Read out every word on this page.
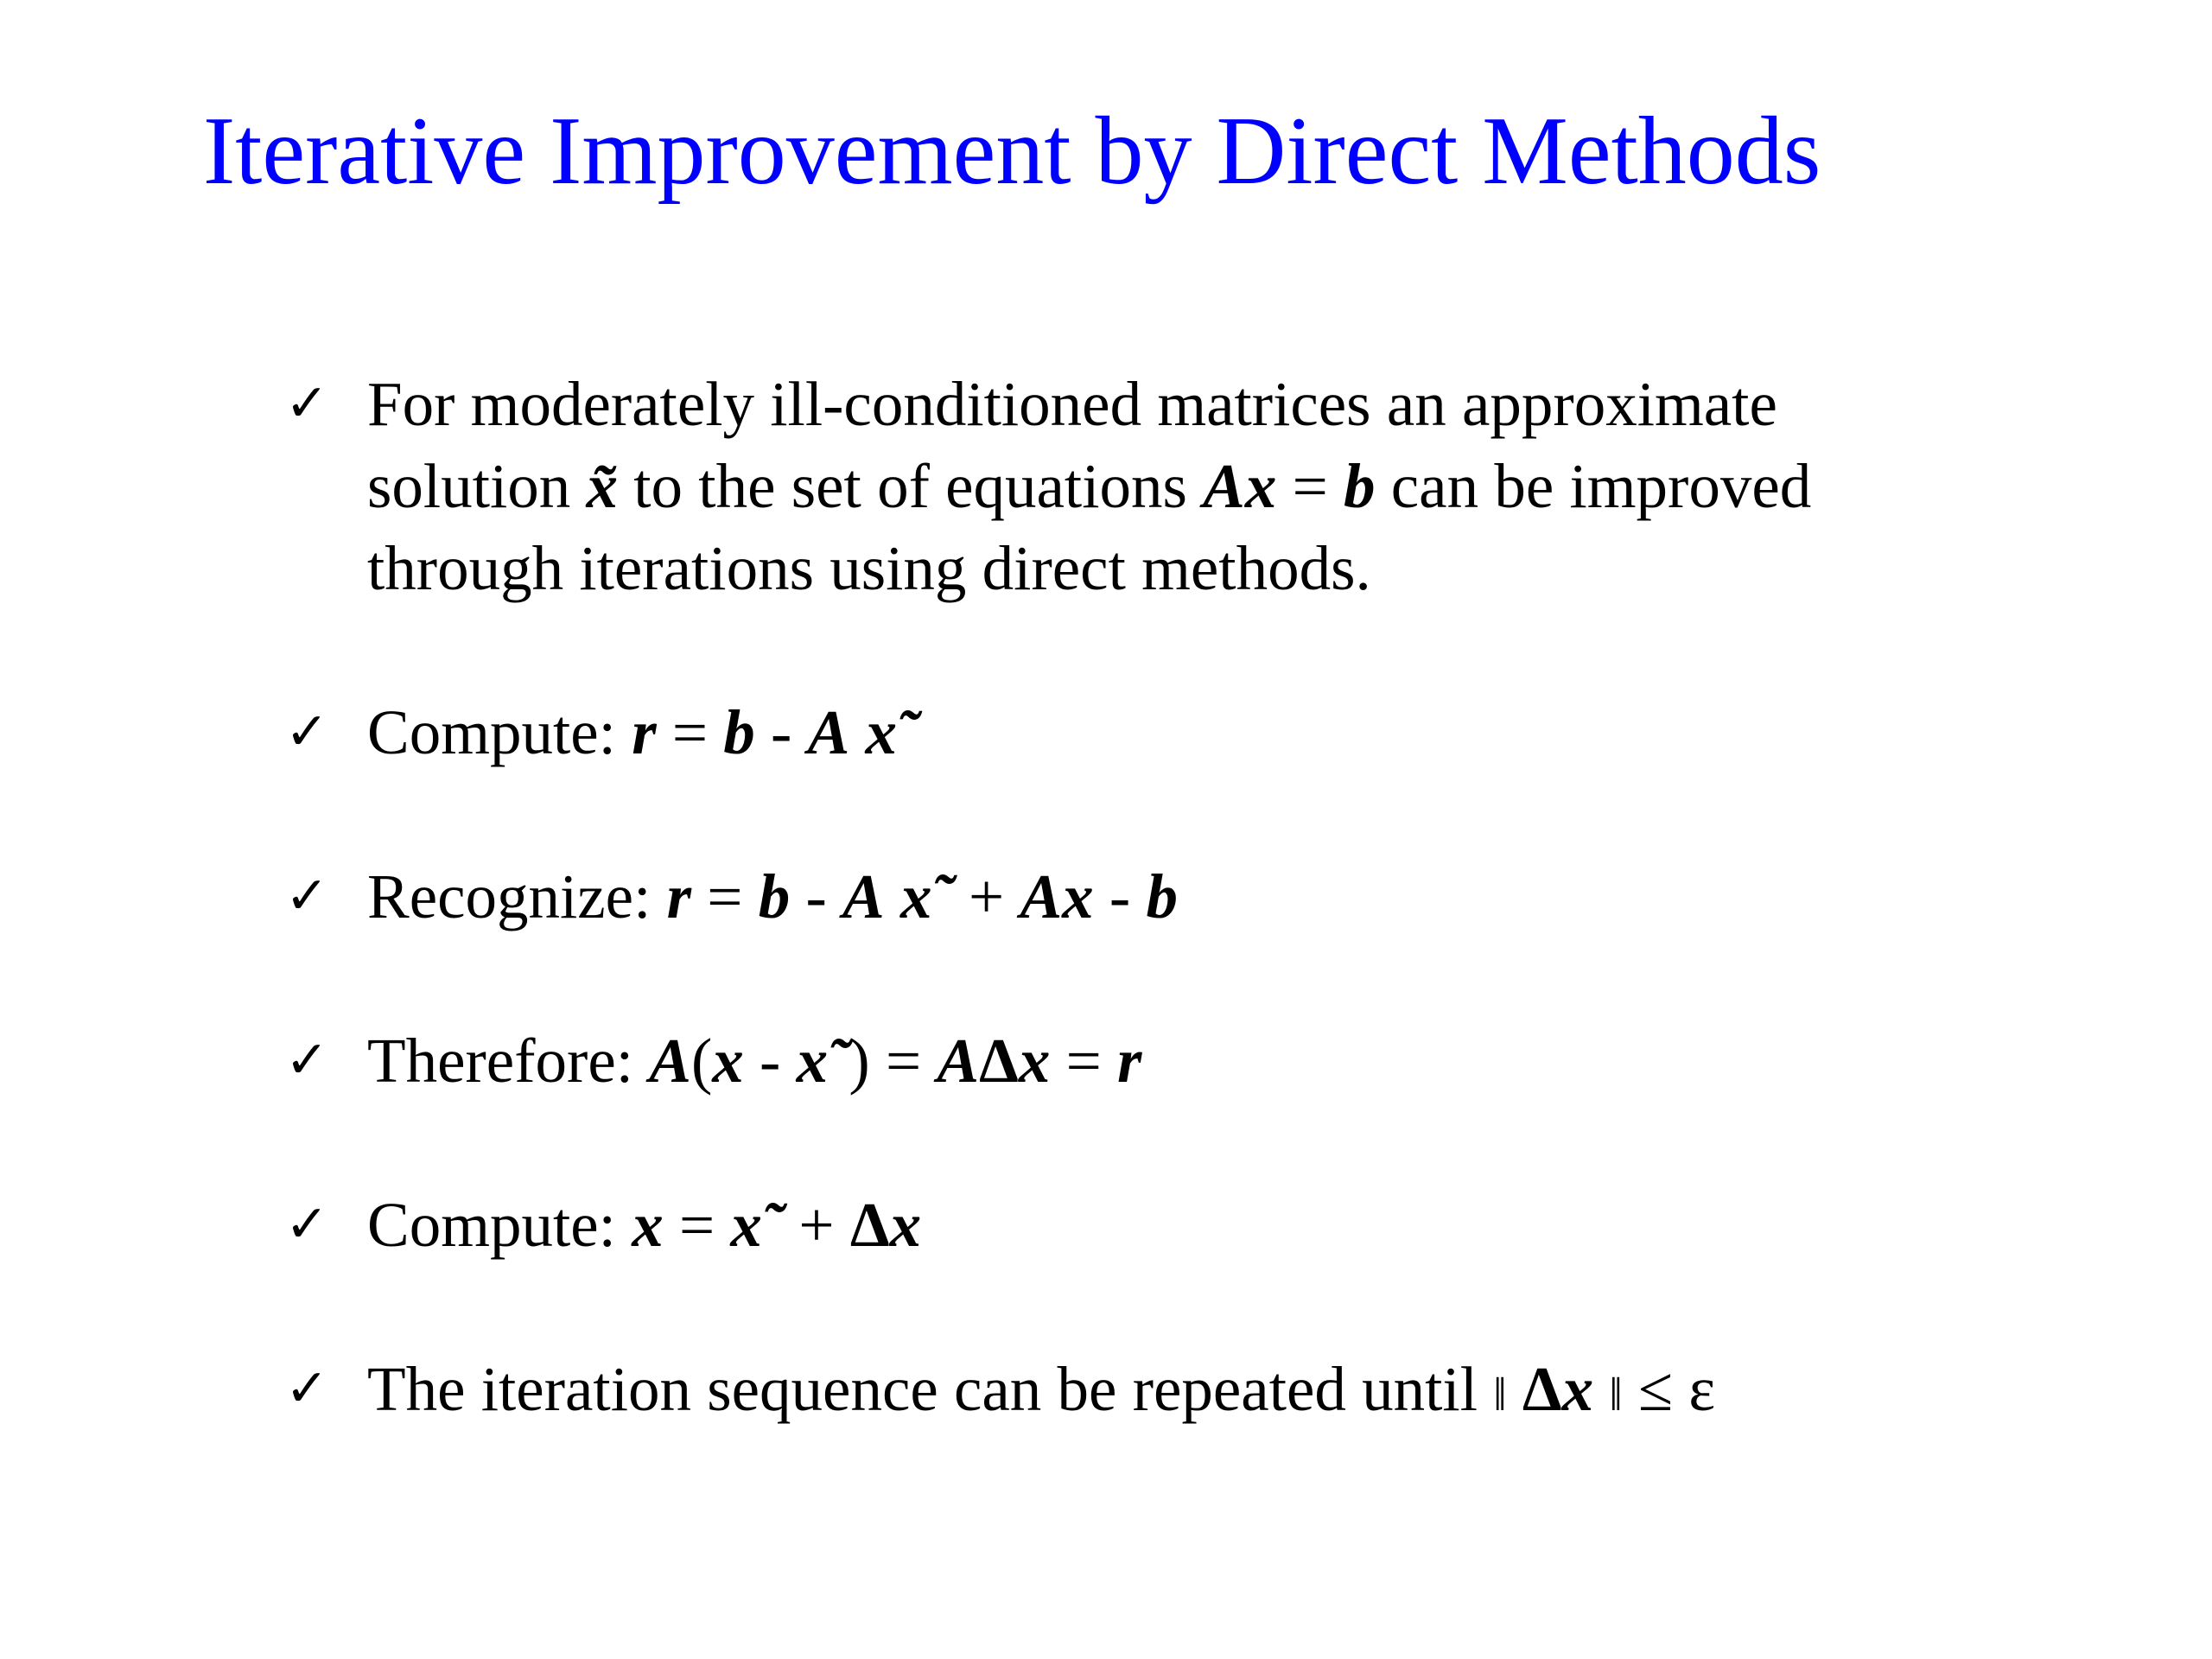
Iterative Improvement by Direct Methods
✓ For moderately ill-conditioned matrices an approximate
solution x̃ to the set of equations Ax = b can be improved
through iterations using direct methods.
✓ Compute: r = b - A x˜
✓ Recognize: r = b - A x˜ + Ax - b
✓ Therefore: A(x - x˜) = AΔx = r
✓ Compute: x = x˜ + Δx
✓ The iteration sequence can be repeated until ‖ Δx ‖ ≤ ε
